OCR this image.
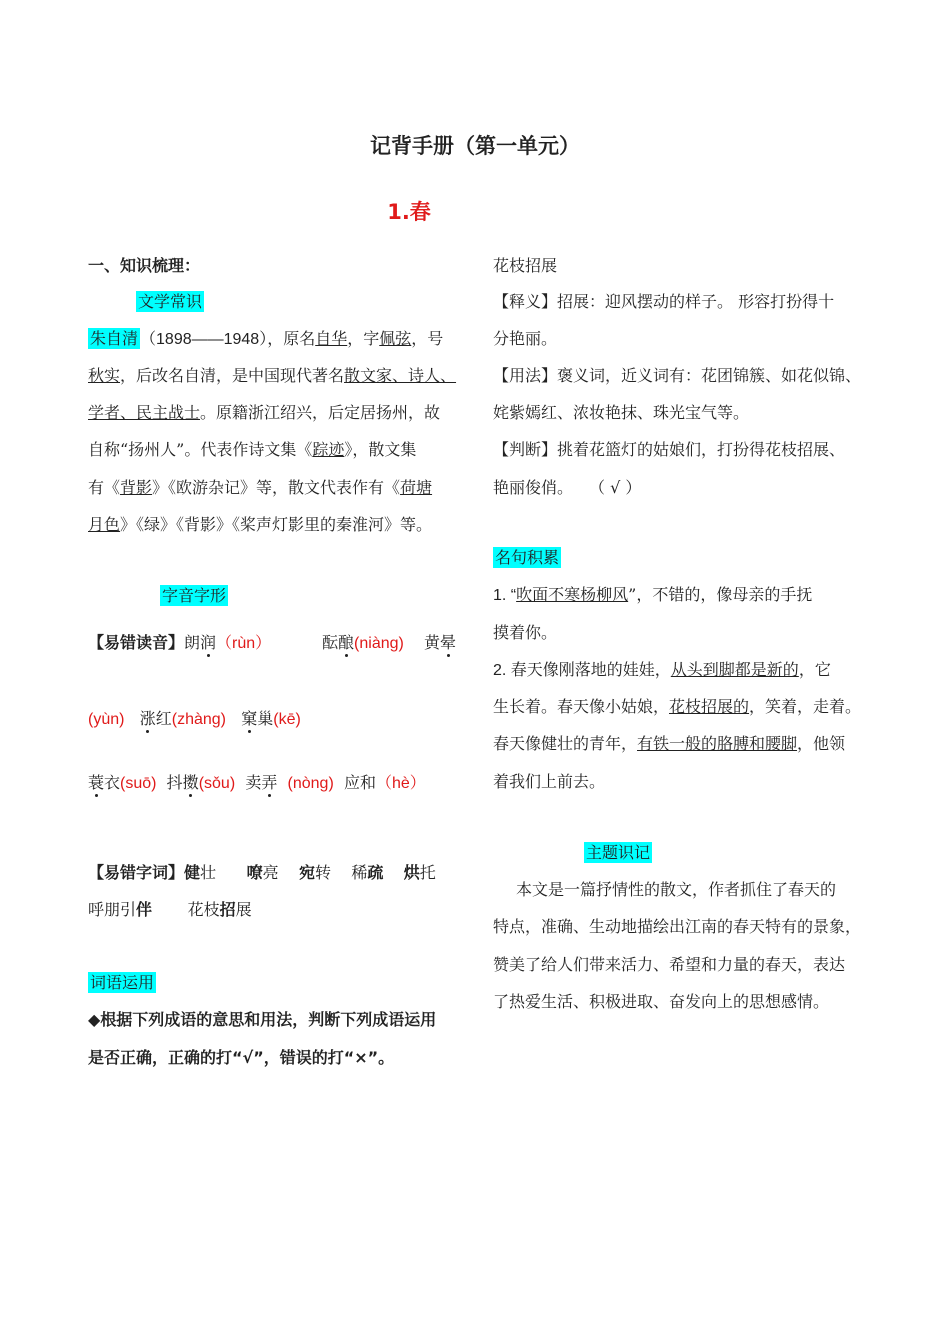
记背手册（第一单元）
1.春
一、知识梳理：
文学常识
朱自清 （1898——1948），原名自华，字佩弦，号
秋实，后改名自清，是中国现代著名散文家、诗人、
学者、民主战士。原籍浙江绍兴，后定居扬州，故
自称“扬州人”。代表作诗文集《踪迹》，散文集
有《背影》《欧游杂记》等，散文代表作有《荷塘
月色》《绿》《背影》《桨声灯影里的秦淮河》等。
字音字形
【易错读音】朗润（rùn）	酝酿(niàng) 黄晕
(yùn) 涨红(zhàng) 窠巢(kē)
蓑衣(suō) 抖擞(sǒu) 卖弄 (nòng) 应和（hè）
【易错字词】健壮 嘹亮 宛转 稀疏 烘托
呼朋引伴 花枝招展
词语运用
◆根据下列成语的意思和用法，判断下列成语运用
是否正确，正确的打“√”，错误的打“×”。
花枝招展
【释义】招展：迎风摆动的样子。 形容打扮得十
分艳丽。
【用法】褒义词，近义词有：花团锦簇、如花似锦、
姹紫嫣红、浓妆艳抹、珠光宝气等。
【判断】挑着花篮灯的姑娘们，打扮得花枝招展、
艳丽俊俏。　　（ √ ）
名句积累
1. “吹面不寒杨柳风”，不错的，像母亲的手抚
摸着你。
2. 春天像刚落地的娃娃，从头到脚都是新的，它
生长着。春天像小姑娘，花枝招展的，笑着，走着。
春天像健壮的青年，有铁一般的胳膊和腰脚，他领
着我们上前去。
主题识记
本文是一篇抒情性的散文，作者抓住了春天的
特点，准确、生动地描绘出江南的春天特有的景象，
赞美了给人们带来活力、希望和力量的春天，表达
了热爱生活、积极进取、奋发向上的思想感情。
